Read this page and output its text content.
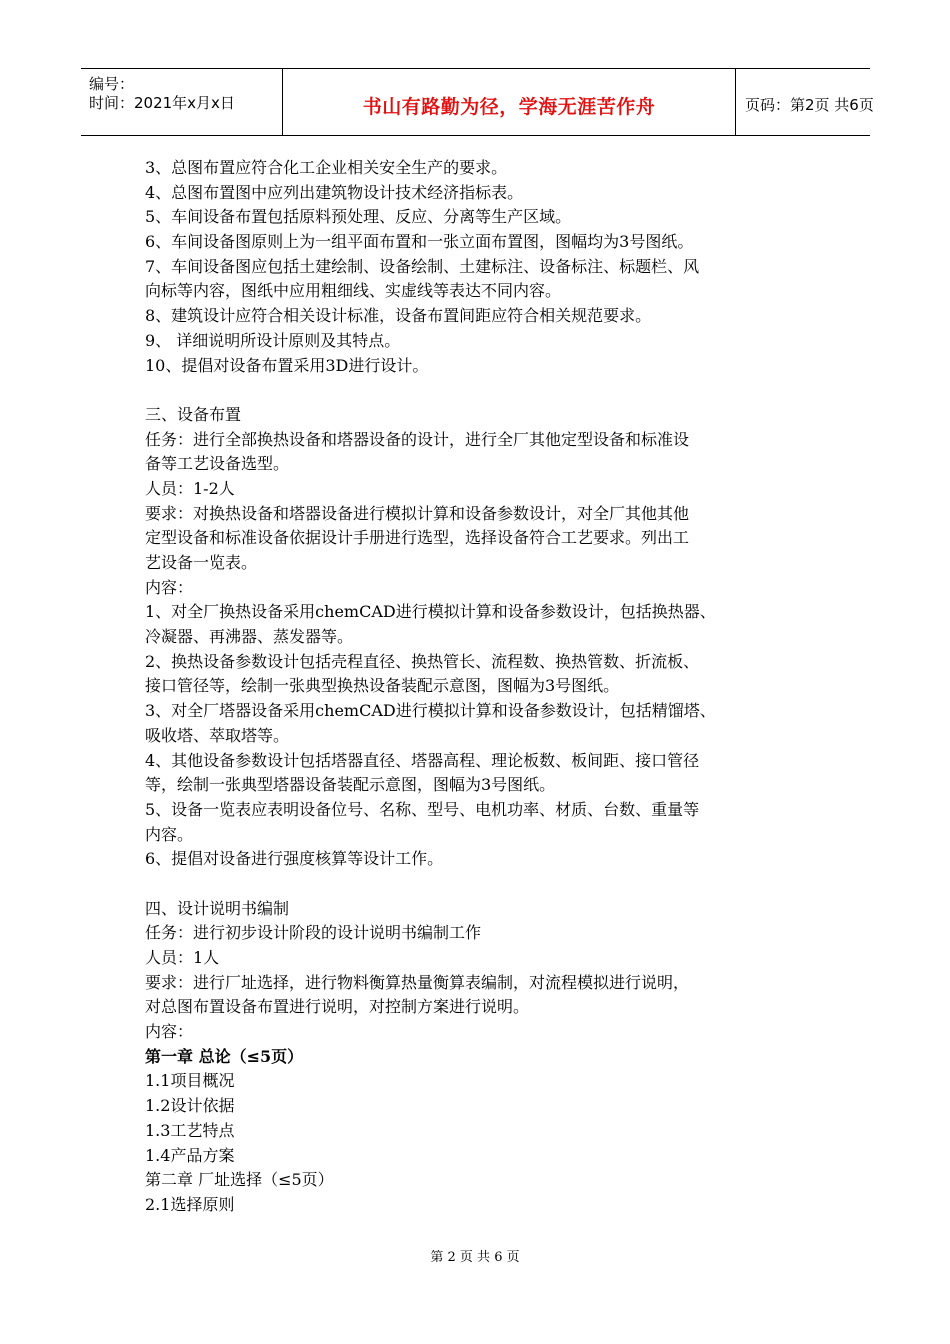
编号：
时间：2021年x月x日	书山有路勤为径，学海无涯苦作舟	页码：第2页 共6页
3、总图布置应符合化工企业相关安全生产的要求。
4、总图布置图中应列出建筑物设计技术经济指标表。
5、车间设备布置包括原料预处理、反应、分离等生产区域。
6、车间设备图原则上为一组平面布置和一张立面布置图，图幅均为3号图纸。
7、车间设备图应包括土建绘制、设备绘制、土建标注、设备标注、标题栏、风
向标等内容，图纸中应用粗细线、实虚线等表达不同内容。
8、建筑设计应符合相关设计标准，设备布置间距应符合相关规范要求。
9、 详细说明所设计原则及其特点。
10、提倡对设备布置采用3D进行设计。
三、设备布置
任务：进行全部换热设备和塔器设备的设计，进行全厂其他定型设备和标准设
备等工艺设备选型。
人员：1-2人
要求：对换热设备和塔器设备进行模拟计算和设备参数设计，对全厂其他其他
定型设备和标准设备依据设计手册进行选型，选择设备符合工艺要求。列出工
艺设备一览表。
内容：
1、对全厂换热设备采用chemCAD进行模拟计算和设备参数设计，包括换热器、
冷凝器、再沸器、蒸发器等。
2、换热设备参数设计包括壳程直径、换热管长、流程数、换热管数、折流板、
接口管径等，绘制一张典型换热设备装配示意图，图幅为3号图纸。
3、对全厂塔器设备采用chemCAD进行模拟计算和设备参数设计，包括精馏塔、
吸收塔、萃取塔等。
4、其他设备参数设计包括塔器直径、塔器高程、理论板数、板间距、接口管径
等，绘制一张典型塔器设备装配示意图，图幅为3号图纸。
5、设备一览表应表明设备位号、名称、型号、电机功率、材质、台数、重量等
内容。
6、提倡对设备进行强度核算等设计工作。
四、设计说明书编制
任务：进行初步设计阶段的设计说明书编制工作
人员：1人
要求：进行厂址选择，进行物料衡算热量衡算表编制，对流程模拟进行说明，
对总图布置设备布置进行说明，对控制方案进行说明。
内容：
第一章 总论（≤5页）
1.1项目概况
1.2设计依据
1.3工艺特点
1.4产品方案
第二章 厂址选择（≤5页）
2.1选择原则
第 2 页 共 6 页
